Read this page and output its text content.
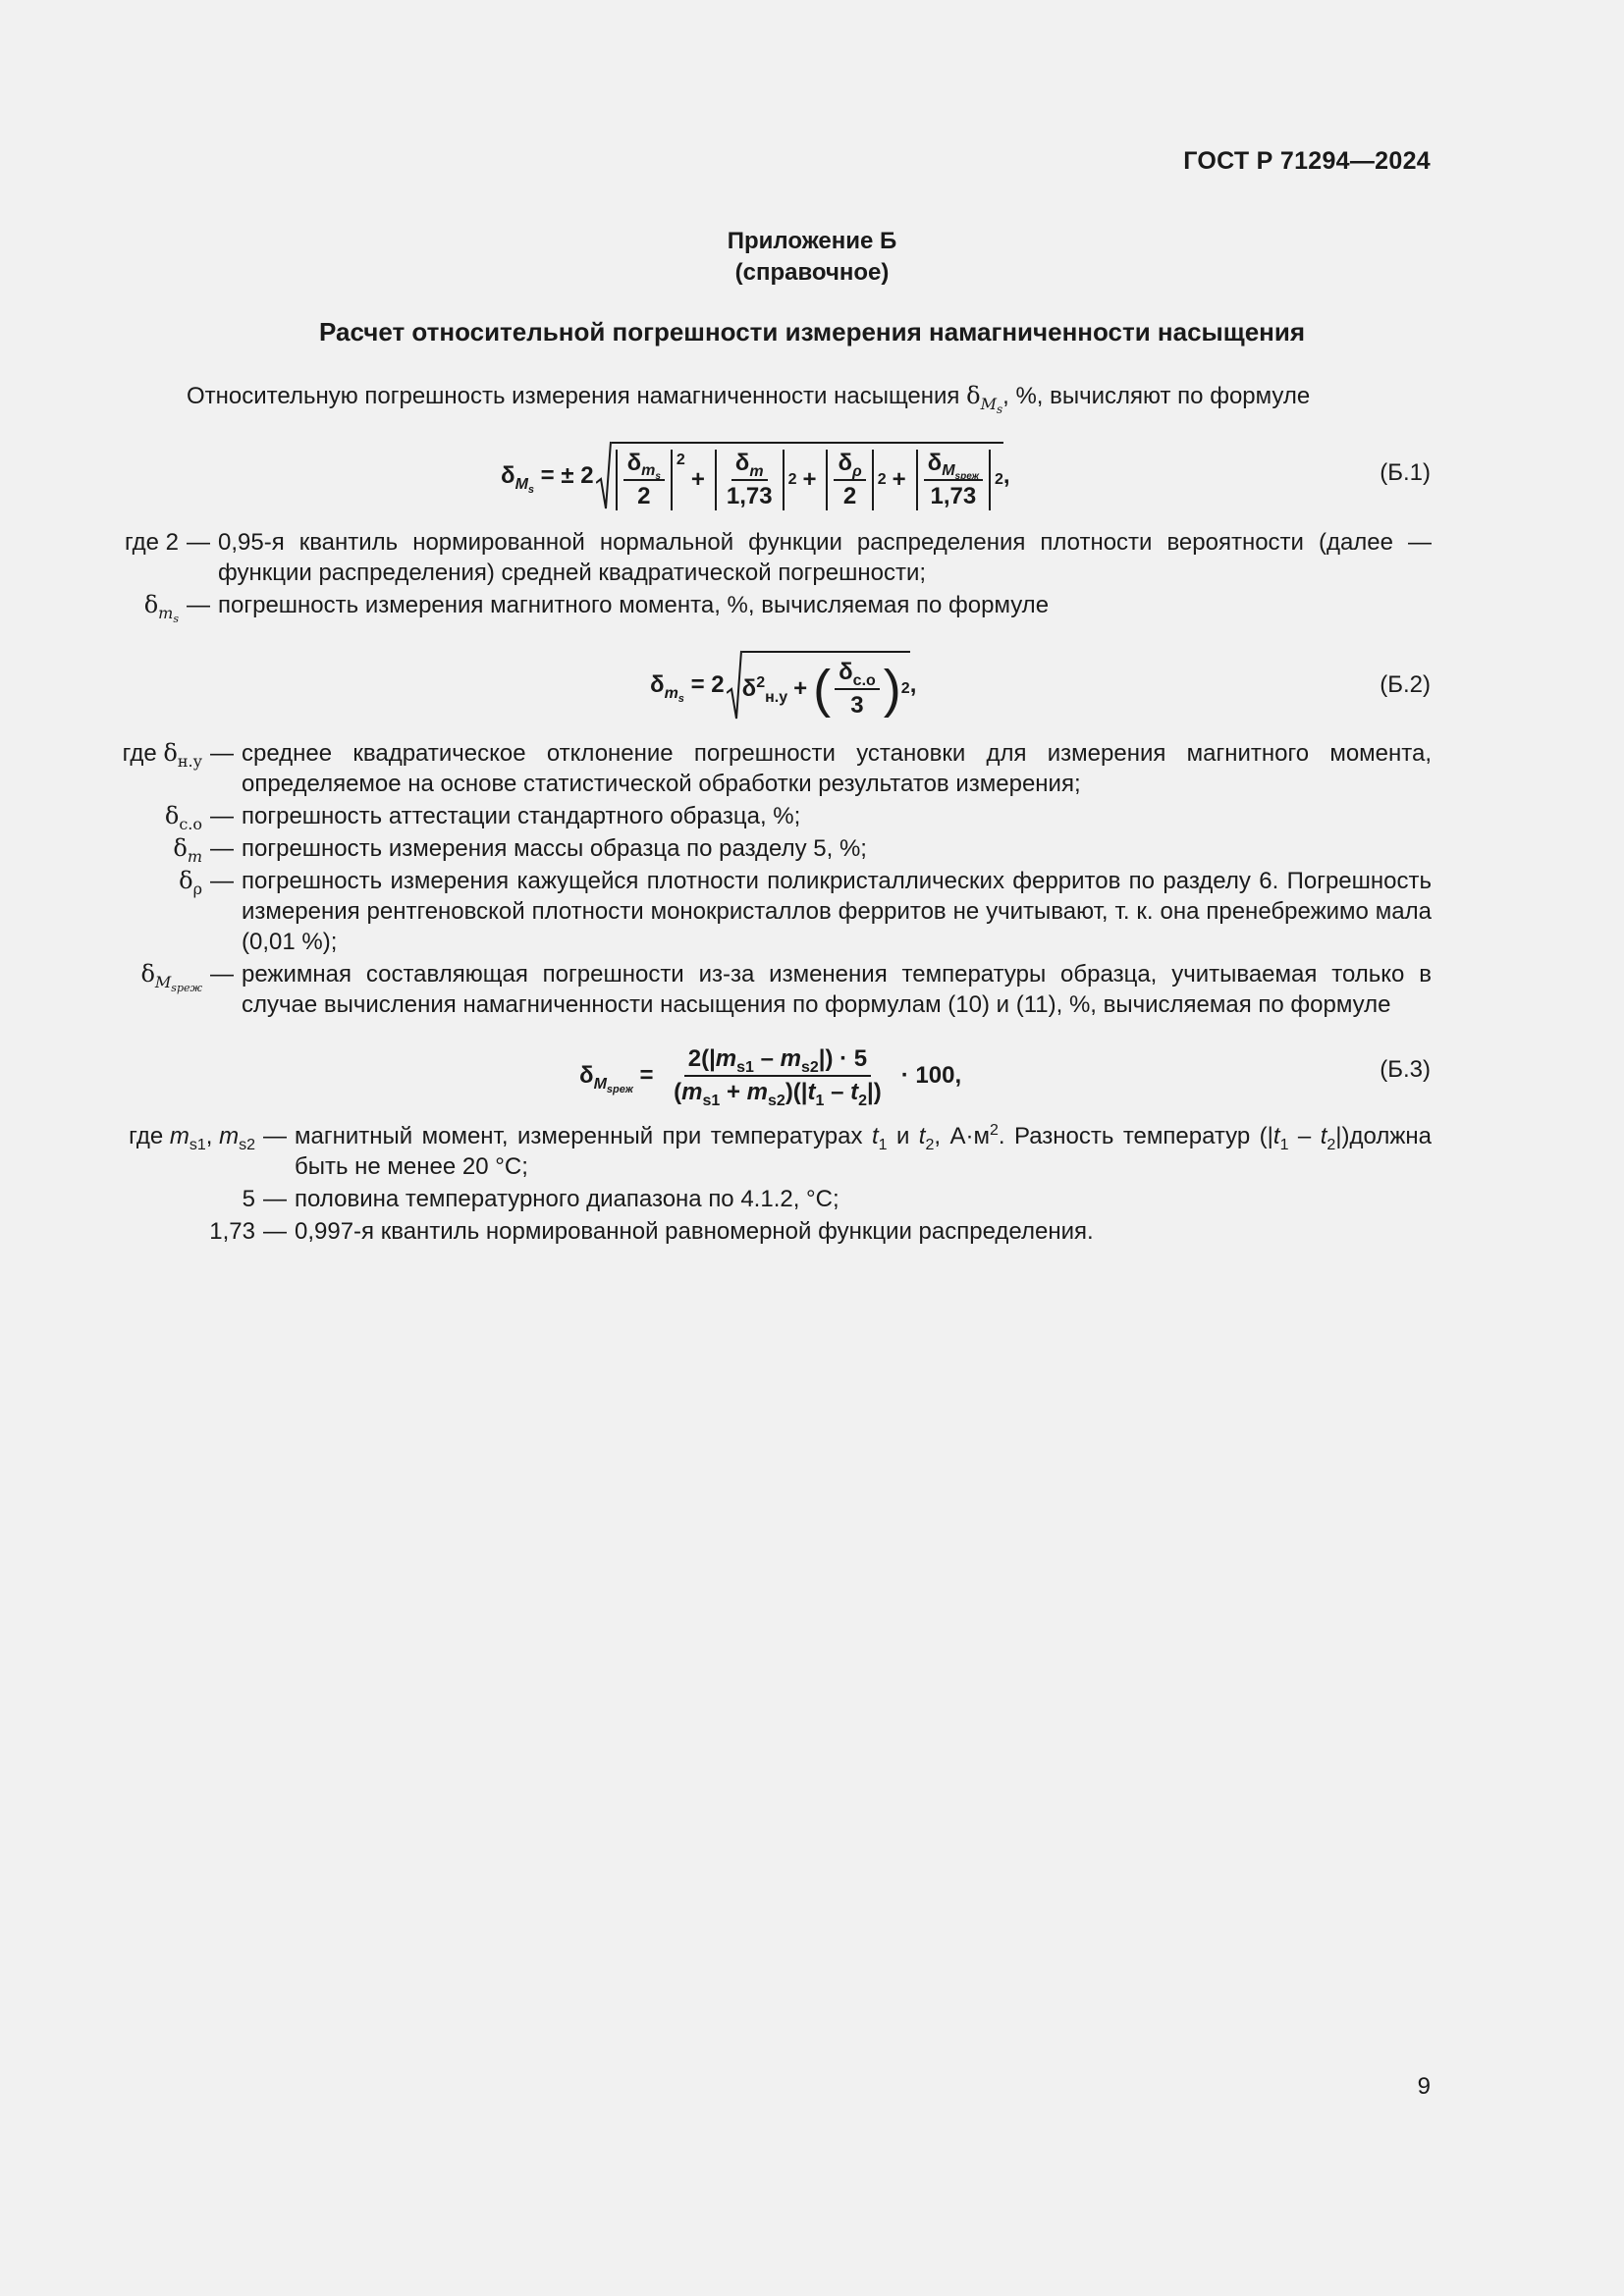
ГОСТ Р 71294—2024
Приложение Б
(справочное)
Расчет относительной погрешности измерения намагниченности насыщения
Относительную погрешность измерения намагниченности насыщения $\delta_{M_s}$, %, вычисляют по формуле
$\delta_{M_s}$ = ± $2 \frac{\delta_{m_s}}{2} 2$
+ $\frac{\delta_m}{1,73} 2 + \frac{\delta_\rho}{2} 2 + \frac{\delta_{M_{sреж}}}{1,73} 2$ ,	(Б.1)
где 2 — 0,95-я квантиль нормированной нормальной функции распределения плотности вероятности (далее — функции распределения) средней квадратической погрешности;
$\delta_{m_s}$
— погрешность измерения магнитного момента, %, вычисляемая по формуле
$\delta_{m_s} = 2$ $\delta^2_{н.у}$ + ( $\frac{\delta_{с.о}}{3}$ ) 2 ,	(Б.2)
где $\delta_{н.у}$ — среднее квадратическое отклонение погрешности установки для измерения магнитного момента, определяемое на основе статистической обработки результатов измерения;
$\delta_{с.о}$ — погрешность аттестации стандартного образца, %;
$\delta_m$ — погрешность измерения массы образца по разделу 5, %;
$\delta_\rho$ — погрешность измерения кажущейся плотности поликристаллических ферритов по разделу 6. Погрешность измерения рентгеновской плотности монокристаллов ферритов не учитывают, т. к. она пренебрежимо мала (0,01 %);
$\delta_{M_{sреж}}$
— режимная составляющая погрешности из-за изменения температуры образца, учитываемая только в случае вычисления намагниченности насыщения по формулам (10) и (11), %, вычисляемая по формуле
$\delta_{M_{sреж}} = \frac{2(|m_{s1} - m_{s2}|) \cdot 5}{(m_{s1} + m_{s2})(|t_1 - t_2|)} \cdot 100$,	(Б.3)
где $m_{s1}$, $m_{s2}$ — магнитный момент, измеренный при температурах $t_1$ и $t_2$, $А\cdot м^2$. Разность температур ($|t_1$ – $t_2|)должна$ быть не менее 20 °С;
5 — половина температурного диапазона по 4.1.2, °С;
1,73 — 0,997-я квантиль нормированной равномерной функции распределения.
9
